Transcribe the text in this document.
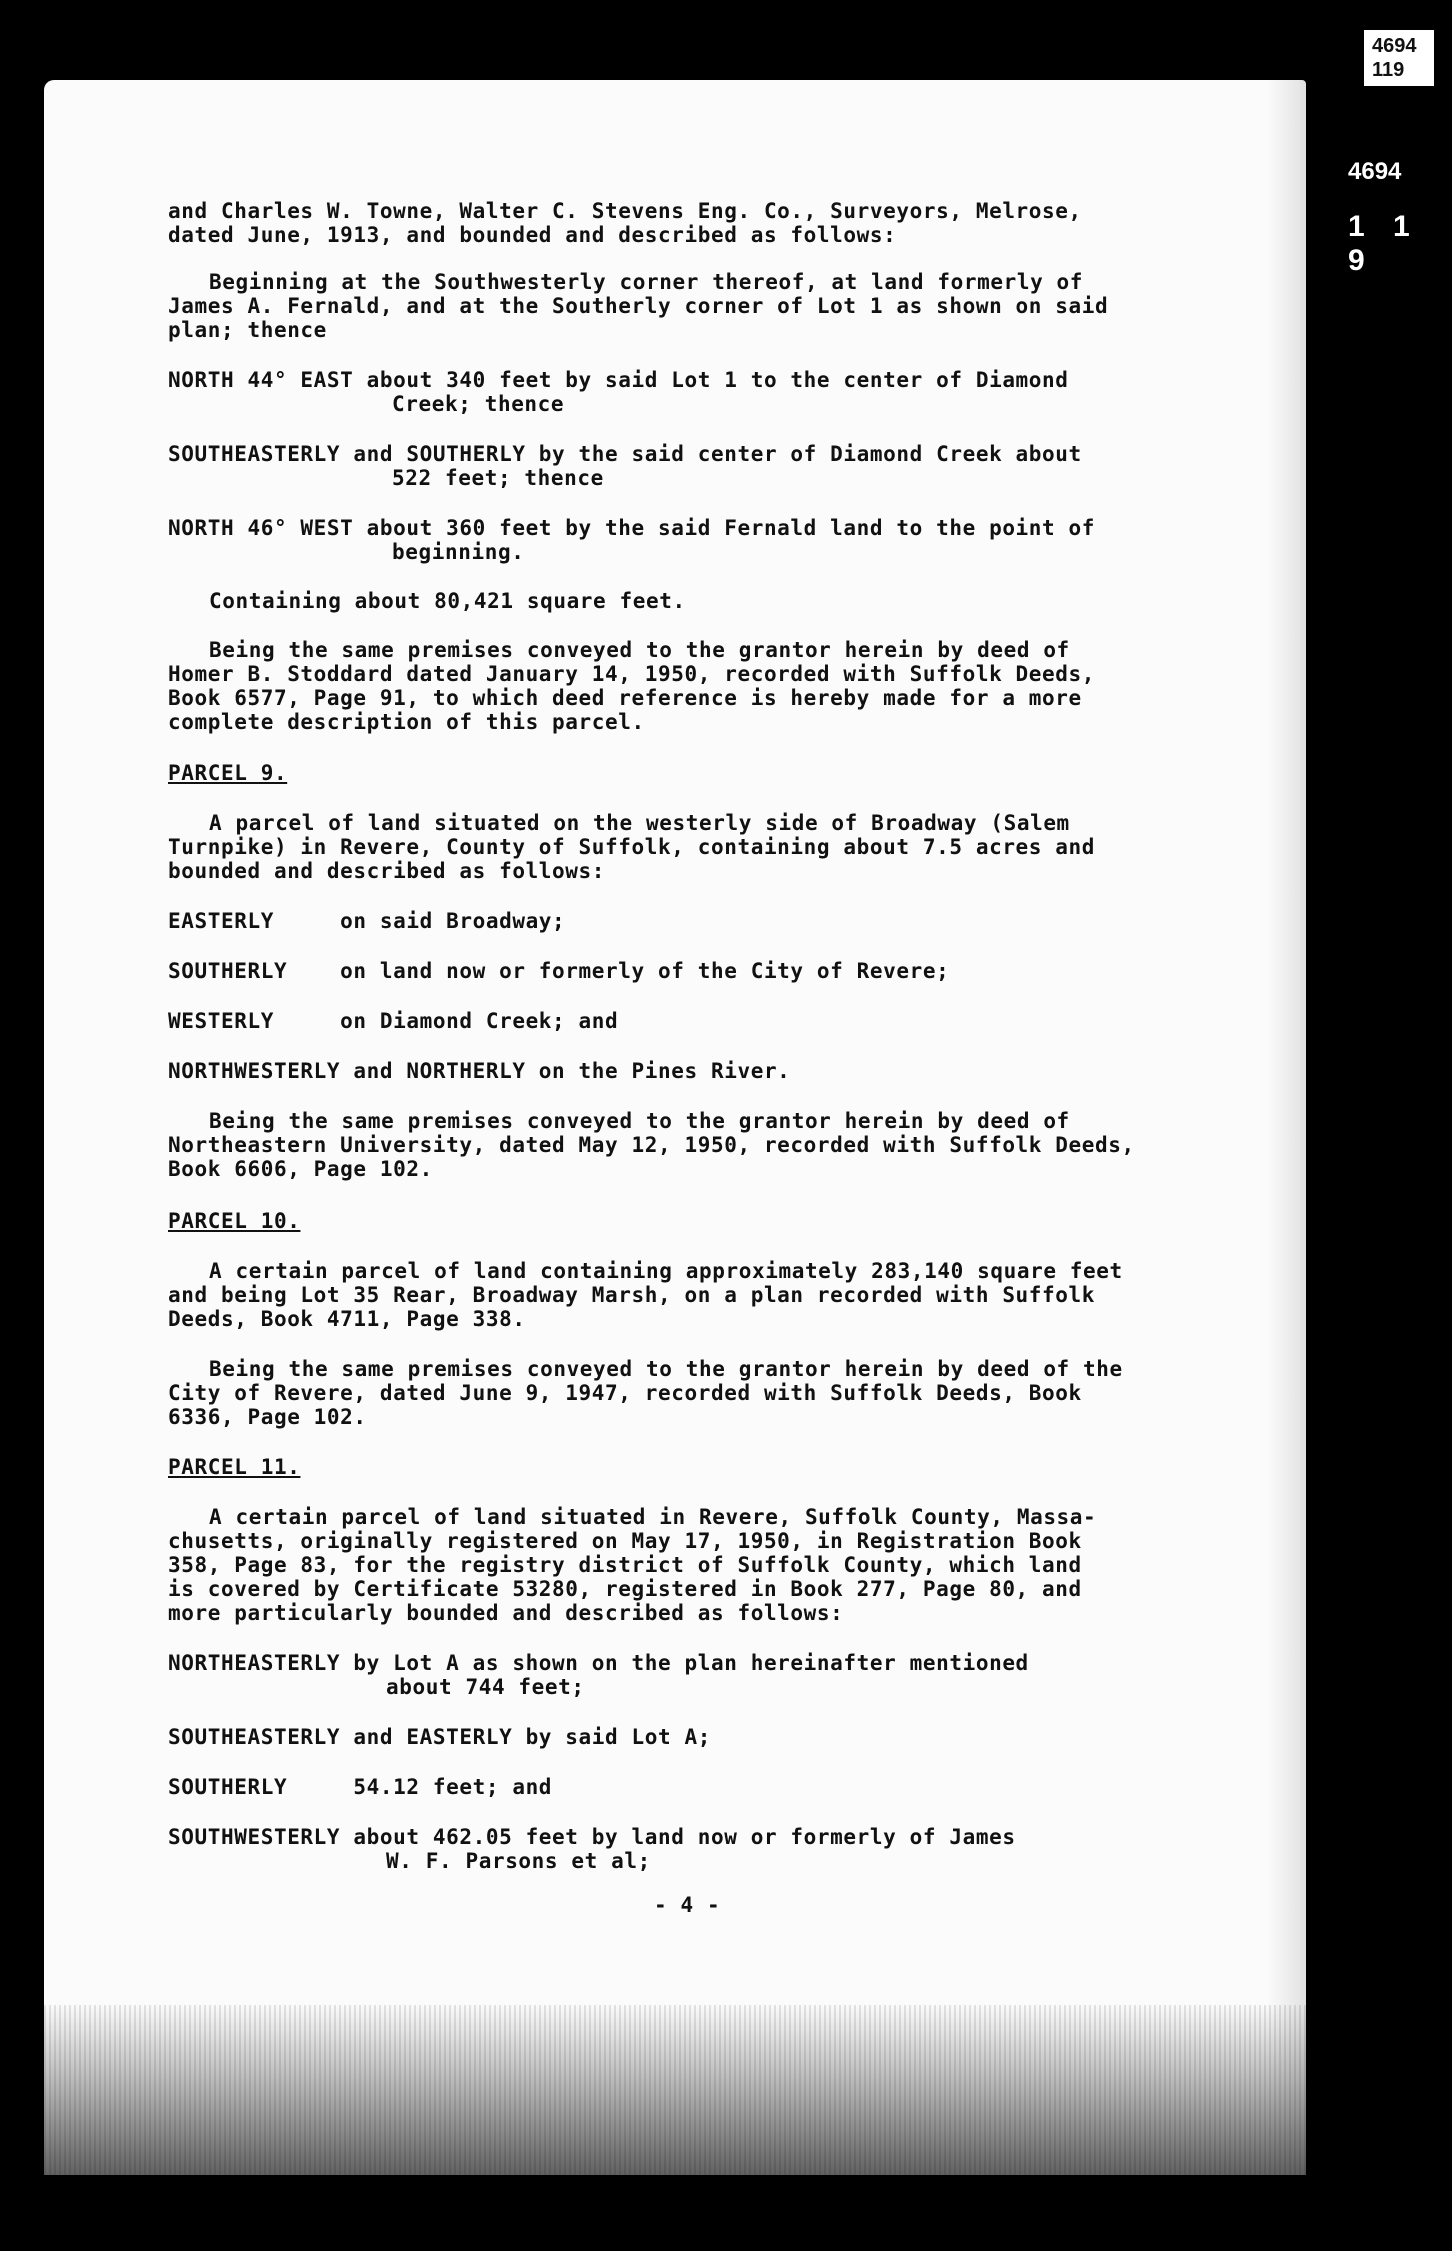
4694
119
4694
1 1 9
and Charles W. Towne, Walter C. Stevens Eng. Co., Surveyors, Melrose,
dated June, 1913, and bounded and described as follows:
Beginning at the Southwesterly corner thereof, at land formerly of
James A. Fernald, and at the Southerly corner of Lot 1 as shown on said
plan; thence
NORTH 44° EAST about 340 feet by said Lot 1 to the center of Diamond
Creek; thence
SOUTHEASTERLY and SOUTHERLY by the said center of Diamond Creek about
522 feet; thence
NORTH 46° WEST about 360 feet by the said Fernald land to the point of
beginning.
Containing about 80,421 square feet.
Being the same premises conveyed to the grantor herein by deed of
Homer B. Stoddard dated January 14, 1950, recorded with Suffolk Deeds,
Book 6577, Page 91, to which deed reference is hereby made for a more
complete description of this parcel.
PARCEL 9.
A parcel of land situated on the westerly side of Broadway (Salem
Turnpike) in Revere, County of Suffolk, containing about 7.5 acres and
bounded and described as follows:
EASTERLY     on said Broadway;
SOUTHERLY    on land now or formerly of the City of Revere;
WESTERLY     on Diamond Creek; and
NORTHWESTERLY and NORTHERLY on the Pines River.
Being the same premises conveyed to the grantor herein by deed of
Northeastern University, dated May 12, 1950, recorded with Suffolk Deeds,
Book 6606, Page 102.
PARCEL 10.
A certain parcel of land containing approximately 283,140 square feet
and being Lot 35 Rear, Broadway Marsh, on a plan recorded with Suffolk
Deeds, Book 4711, Page 338.
Being the same premises conveyed to the grantor herein by deed of the
City of Revere, dated June 9, 1947, recorded with Suffolk Deeds, Book
6336, Page 102.
PARCEL 11.
A certain parcel of land situated in Revere, Suffolk County, Massa-
chusetts, originally registered on May 17, 1950, in Registration Book
358, Page 83, for the registry district of Suffolk County, which land
is covered by Certificate 53280, registered in Book 277, Page 80, and
more particularly bounded and described as follows:
NORTHEASTERLY by Lot A as shown on the plan hereinafter mentioned
about 744 feet;
SOUTHEASTERLY and EASTERLY by said Lot A;
SOUTHERLY     54.12 feet; and
SOUTHWESTERLY about 462.05 feet by land now or formerly of James
W. F. Parsons et al;
- 4 -
